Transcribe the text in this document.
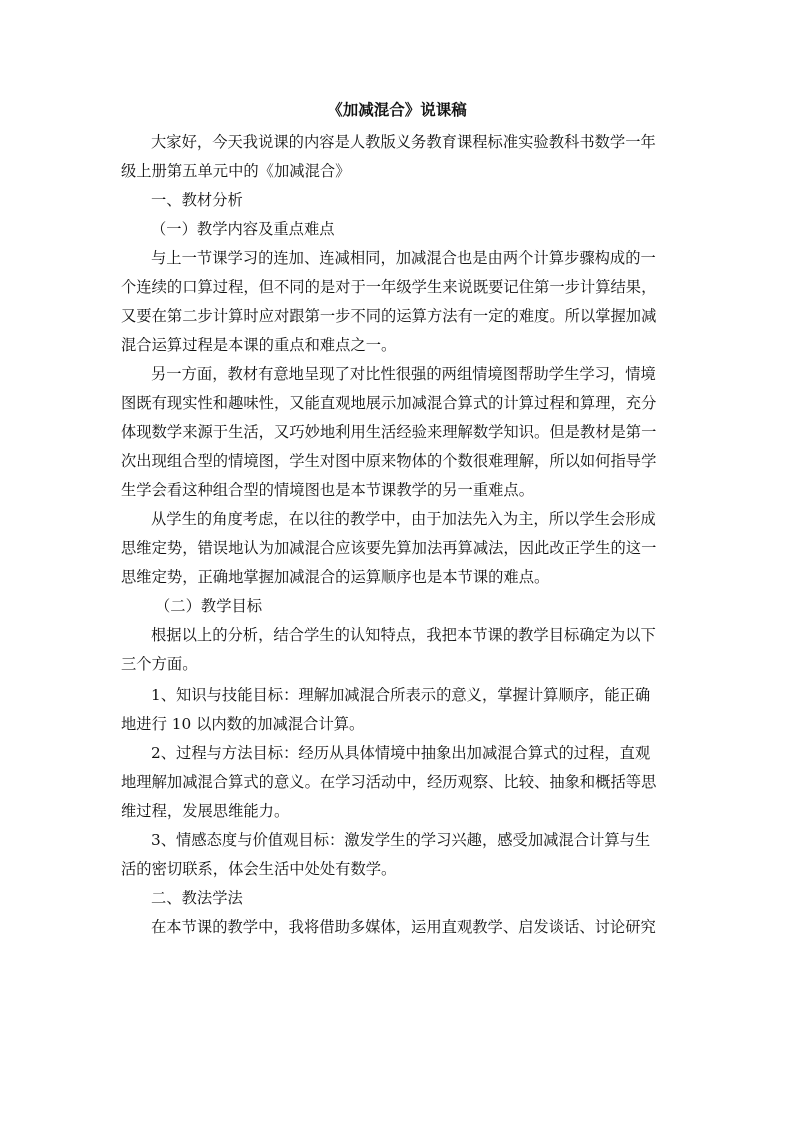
《加减混合》说课稿
大家好，今天我说课的内容是人教版义务教育课程标准实验教科书数学一年
级上册第五单元中的《加减混合》
一、教材分析
（一）教学内容及重点难点
与上一节课学习的连加、连减相同，加减混合也是由两个计算步骤构成的一
个连续的口算过程，但不同的是对于一年级学生来说既要记住第一步计算结果，
又要在第二步计算时应对跟第一步不同的运算方法有一定的难度。所以掌握加减
混合运算过程是本课的重点和难点之一。
另一方面，教材有意地呈现了对比性很强的两组情境图帮助学生学习，情境
图既有现实性和趣味性，又能直观地展示加减混合算式的计算过程和算理，充分
体现数学来源于生活，又巧妙地利用生活经验来理解数学知识。但是教材是第一
次出现组合型的情境图，学生对图中原来物体的个数很难理解，所以如何指导学
生学会看这种组合型的情境图也是本节课教学的另一重难点。
从学生的角度考虑，在以往的教学中，由于加法先入为主，所以学生会形成
思维定势，错误地认为加减混合应该要先算加法再算减法，因此改正学生的这一
思维定势，正确地掌握加减混合的运算顺序也是本节课的难点。
（二）教学目标
根据以上的分析，结合学生的认知特点，我把本节课的教学目标确定为以下
三个方面。
1、知识与技能目标：理解加减混合所表示的意义，掌握计算顺序，能正确
地进行 10 以内数的加减混合计算。
2、过程与方法目标：经历从具体情境中抽象出加减混合算式的过程，直观
地理解加减混合算式的意义。在学习活动中，经历观察、比较、抽象和概括等思
维过程，发展思维能力。
3、情感态度与价值观目标：激发学生的学习兴趣，感受加减混合计算与生
活的密切联系，体会生活中处处有数学。
二、教法学法
在本节课的教学中，我将借助多媒体，运用直观教学、启发谈话、讨论研究
